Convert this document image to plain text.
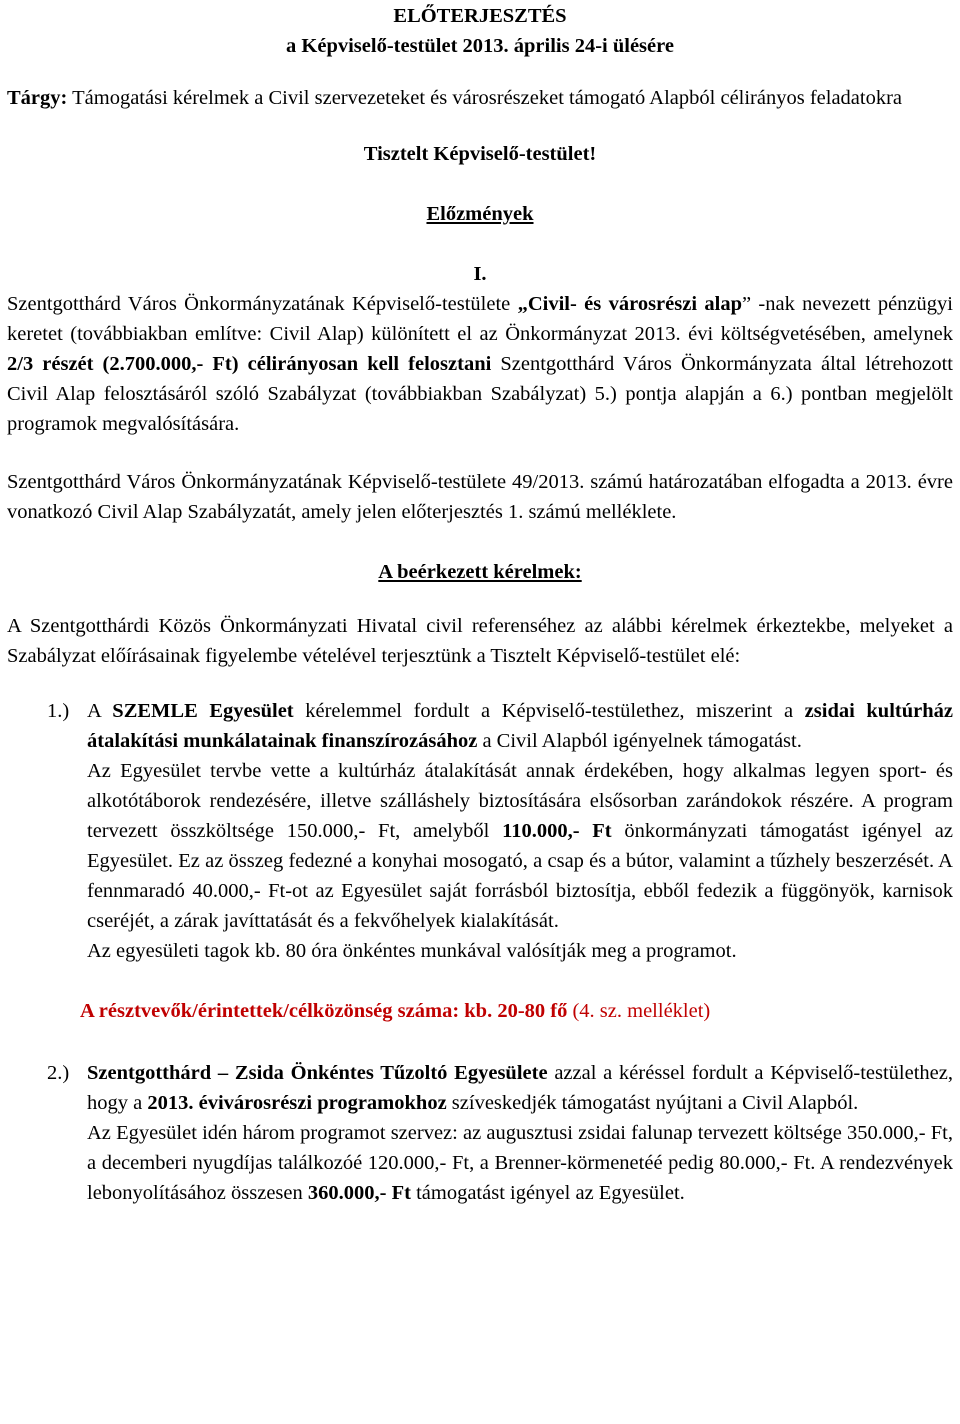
ELŐTERJESZTÉS
a Képviselő-testület 2013. április 24-i ülésére

Tárgy: Támogatási kérelmek a Civil szervezeteket és városrészeket támogató Alapból célirányos feladatokra

Tisztelt Képviselő-testület!
Előzmények
I.

Szentgotthárd Város Önkormányzatának Képviselő-testülete „Civil- és városrészi alap” -nak nevezett pénzügyi keretet (továbbiakban említve: Civil Alap) különített el az Önkormányzat 2013. évi költségvetésében, amelynek 2/3 részét (2.700.000,- Ft) célirányosan kell felosztani Szentgotthárd Város Önkormányzata által létrehozott Civil Alap felosztásáról szóló Szabályzat (továbbiakban Szabályzat) 5.) pontja alapján a 6.) pontban megjelölt programok megvalósítására.

Szentgotthárd Város Önkormányzatának Képviselő-testülete 49/2013. számú határozatában elfogadta a 2013. évre vonatkozó Civil Alap Szabályzatát, amely jelen előterjesztés 1. számú melléklete.

A beérkezett kérelmek:

A Szentgotthárdi Közös Önkormányzati Hivatal civil referenséhez az alábbi kérelmek érkeztekbe, melyeket a Szabályzat előírásainak figyelembe vételével terjesztünk a Tisztelt Képviselő-testület elé:

1.) A SZEMLE Egyesület kérelemmel fordult a Képviselő-testülethez, miszerint a zsidai kultúrház átalakítási munkálatainak finanszírozásához a Civil Alapból igényelnek támogatást.

Az Egyesület tervbe vette a kultúrház átalakítását annak érdekében, hogy alkalmas legyen sport- és alkotótáborok rendezésére, illetve szálláshely biztosítására elsősorban zarándokok részére. A program tervezett összköltsége 150.000,- Ft, amelyből 110.000,- Ft önkormányzati támogatást igényel az Egyesület. Ez az összeg fedezné a konyhai mosogató, a csap és a bútor, valamint a tűzhely beszerzését. A fennmaradó 40.000,- Ft-ot az Egyesület saját forrásból biztosítja, ebből fedezik a függönyök, karnisok cseréjét, a zárak javíttatását és a fekvőhelyek kialakítását.

Az egyesületi tagok kb. 80 óra önkéntes munkával valósítják meg a programot.

A résztvevők/érintettek/célközönség száma: kb. 20-80 fő (4. sz. melléklet)

2.) Szentgotthárd – Zsida Önkéntes Tűzoltó Egyesülete azzal a kéréssel fordult a Képviselő-testülethez, hogy a 2013. évivárosrészi programokhoz szíveskedjék támogatást nyújtani a Civil Alapból.

Az Egyesület idén három programot szervez: az augusztusi zsidai falunap tervezett költsége 350.000,- Ft, a decemberi nyugdíjas találkozóé 120.000,- Ft, a Brenner-körmenetéé pedig 80.000,- Ft. A rendezvények lebonyolításához összesen 360.000,- Ft támogatást igényel az Egyesület.
